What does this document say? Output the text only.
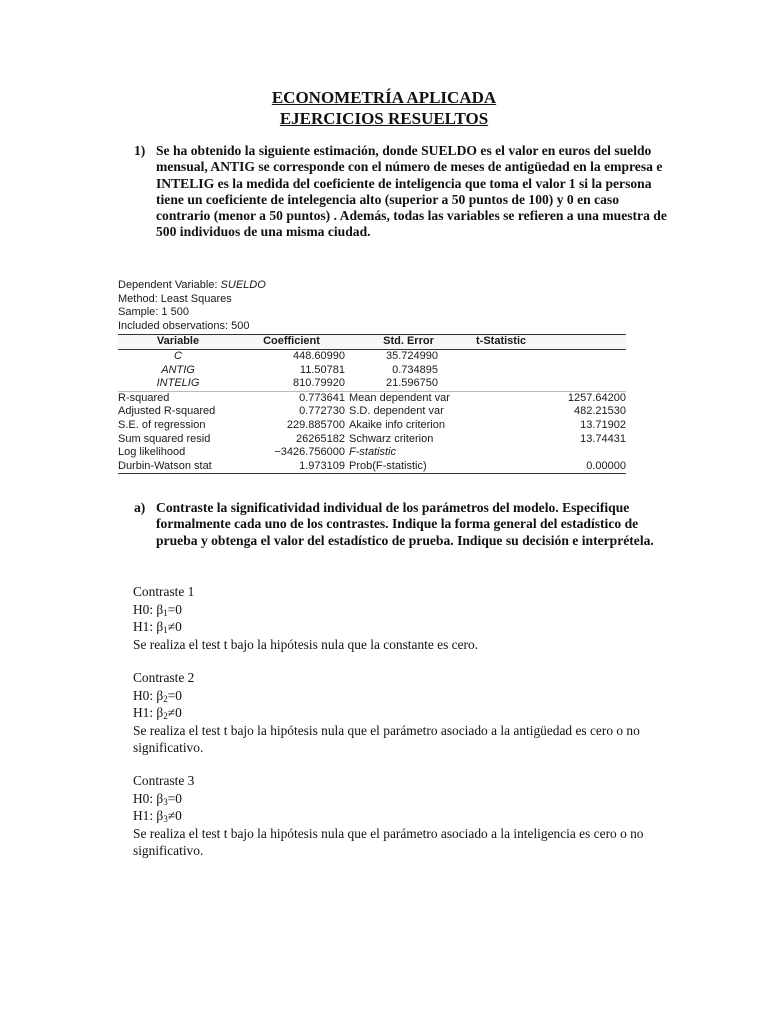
ECONOMETRÍA APLICADA
EJERCICIOS RESUELTOS
1) Se ha obtenido la siguiente estimación, donde SUELDO es el valor en euros del sueldo mensual, ANTIG se corresponde con el número de meses de antigüedad en la empresa e INTELIG es la medida del coeficiente de inteligencia que toma el valor 1 si la persona tiene un coeficiente de intelegencia alto (superior a 50 puntos de 100) y 0 en caso contrario (menor a 50 puntos) . Además, todas las variables se refieren a una muestra de 500 individuos de una misma ciudad.
Dependent Variable: SUELDO
Method: Least Squares
Sample: 1 500
Included observations: 500
Variable	Coefficient	Std. Error	t-Statistic
C	448.60990	35.724990	
ANTIG	11.50781	0.734895	
INTELIG	810.79920	21.596750	
R-squared	0.773641	Mean dependent var	1257.64200
Adjusted R-squared	0.772730	S.D. dependent var	482.21530
S.E. of regression	229.885700	Akaike info criterion	13.71902
Sum squared resid	26265182	Schwarz criterion	13.74431
Log likelihood	−3426.756000	F-statistic	
Durbin-Watson stat	1.973109	Prob(F-statistic)	0.00000
a) Contraste la significatividad individual de los parámetros del modelo. Especifique formalmente cada uno de los contrastes. Indique la forma general del estadístico de prueba y obtenga el valor del estadístico de prueba. Indique su decisión e interprétela.
Contraste 1
H0: $\beta_1=0$
H1: $\beta_1\ne 0$
Se realiza el test t bajo la hipótesis nula que la constante es cero.
Contraste 2
H0: $\beta_2=0$
H1: $\beta_2\ne 0$
Se realiza el test t bajo la hipótesis nula que el parámetro asociado a la antigüedad es cero o no significativo.
Contraste 3
H0: $\beta_3=0$
H1: $\beta_3\ne 0$
Se realiza el test t bajo la hipótesis nula que el parámetro asociado a la inteligencia es cero o no significativo.
